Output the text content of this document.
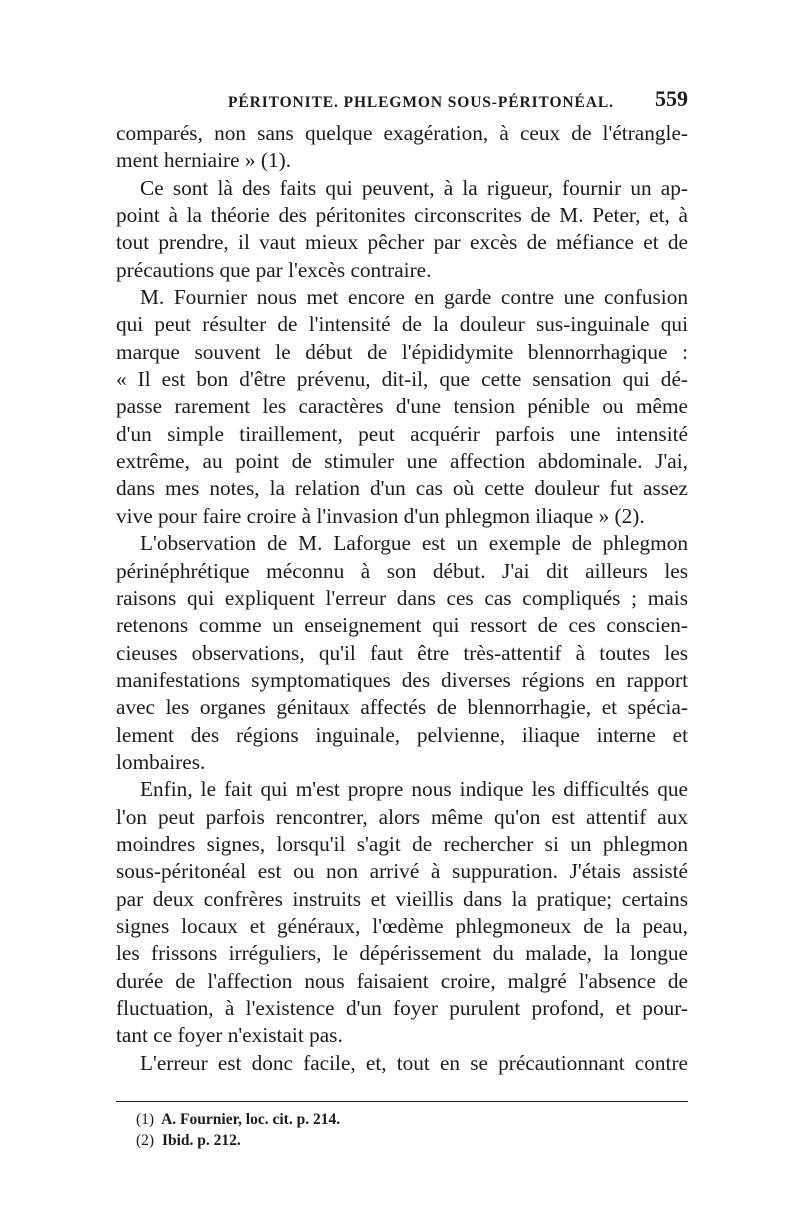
PÉRITONITE. PHLEGMON SOUS-PÉRITONÉAL. 559
comparés, non sans quelque exagération, à ceux de l'étrangle-
ment herniaire » (1).
Ce sont là des faits qui peuvent, à la rigueur, fournir un ap-
point à la théorie des péritonites circonscrites de M. Peter, et, à
tout prendre, il vaut mieux pêcher par excès de méfiance et de
précautions que par l'excès contraire.
M. Fournier nous met encore en garde contre une confusion
qui peut résulter de l'intensité de la douleur sus-inguinale qui
marque souvent le début de l'épididymite blennorrhagique :
« Il est bon d'être prévenu, dit-il, que cette sensation qui dé-
passe rarement les caractères d'une tension pénible ou même
d'un simple tiraillement, peut acquérir parfois une intensité
extrême, au point de stimuler une affection abdominale. J'ai,
dans mes notes, la relation d'un cas où cette douleur fut assez
vive pour faire croire à l'invasion d'un phlegmon iliaque » (2).
L'observation de M. Laforgue est un exemple de phlegmon
périnéphrétique méconnu à son début. J'ai dit ailleurs les
raisons qui expliquent l'erreur dans ces cas compliqués ; mais
retenons comme un enseignement qui ressort de ces conscien-
cieuses observations, qu'il faut être très-attentif à toutes les
manifestations symptomatiques des diverses régions en rapport
avec les organes génitaux affectés de blennorrhagie, et spécia-
lement des régions inguinale, pelvienne, iliaque interne et
lombaires.
Enfin, le fait qui m'est propre nous indique les difficultés que
l'on peut parfois rencontrer, alors même qu'on est attentif aux
moindres signes, lorsqu'il s'agit de rechercher si un phlegmon
sous-péritonéal est ou non arrivé à suppuration. J'étais assisté
par deux confrères instruits et vieillis dans la pratique; certains
signes locaux et généraux, l'œdème phlegmoneux de la peau,
les frissons irréguliers, le dépérissement du malade, la longue
durée de l'affection nous faisaient croire, malgré l'absence de
fluctuation, à l'existence d'un foyer purulent profond, et pour-
tant ce foyer n'existait pas.
L'erreur est donc facile, et, tout en se précautionnant contre
(1) A. Fournier, loc. cit. p. 214.
(2) Ibid. p. 212.
